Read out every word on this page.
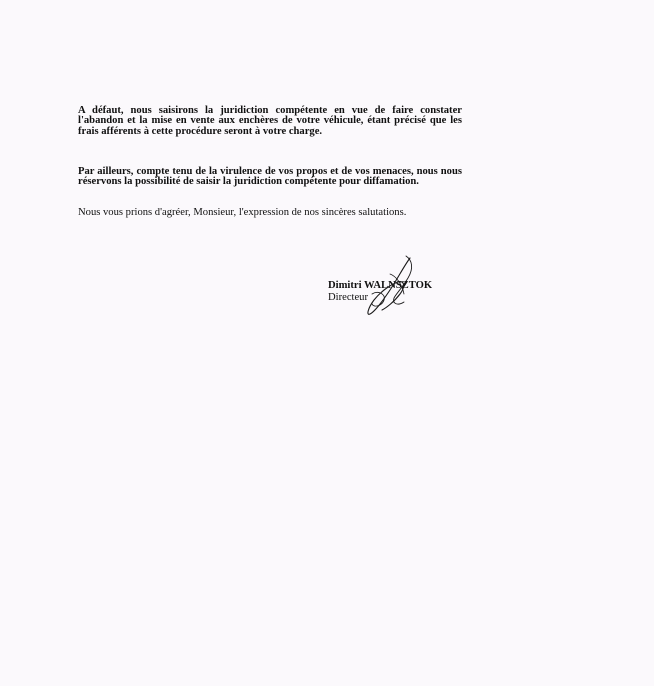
A défaut, nous saisirons la juridiction compétente en vue de faire constater l'abandon et la mise en vente aux enchères de votre véhicule, étant précisé que les frais afférents à cette procédure seront à votre charge.

Par ailleurs, compte tenu de la virulence de vos propos et de vos menaces, nous nous réservons la possibilité de saisir la juridiction compétente pour diffamation.

Nous vous prions d'agréer, Monsieur, l'expression de nos sincères salutations.

Dimitri WALNSZTOK
Directeur
